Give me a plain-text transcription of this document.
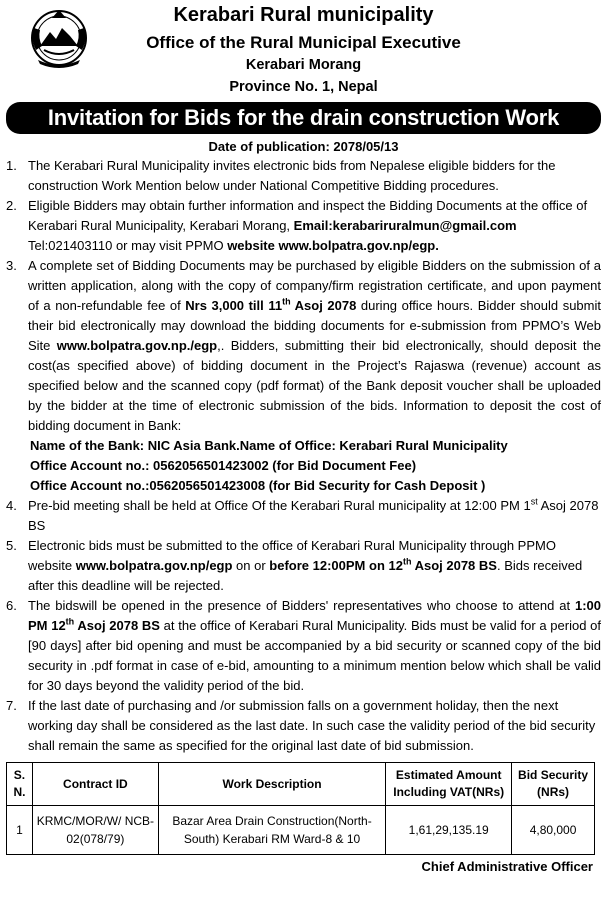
Kerabari Rural municipality
Office of the Rural Municipal Executive
Kerabari Morang
Province No. 1, Nepal
Invitation for Bids for the drain construction Work
Date of publication: 2078/05/13

1. The Kerabari Rural Municipality invites electronic bids from Nepalese eligible bidders for the construction Work Mention below under National Competitive Bidding procedures.

2. Eligible Bidders may obtain further information and inspect the Bidding Documents at the office of Kerabari Rural Municipality, Kerabari Morang, Email:kerabariruralmun@gmail.com
Tel:021403110 or may visit PPMO website www.bolpatra.gov.np/egp.

3. A complete set of Bidding Documents may be purchased by eligible Bidders on the submission of a written application, along with the copy of company/firm registration certificate, and upon payment of a non-refundable fee of Nrs 3,000 till 11th Asoj 2078 during office hours. Bidder should submit their bid electronically may download the bidding documents for e-submission from PPMO’s Web Site www.bolpatra.gov.np./egp,. Bidders, submitting their bid electronically, should deposit the cost(as specified above) of bidding document in the Project’s Rajaswa (revenue) account as specified below and the scanned copy (pdf format) of the Bank deposit voucher shall be uploaded by the bidder at the time of electronic submission of the bids. Information to deposit the cost of bidding document in Bank:

Name of the Bank: NIC Asia Bank.Name of Office: Kerabari Rural Municipality
Office Account no.: 0562056501423002 (for Bid Document Fee)
Office Account no.:0562056501423008 (for Bid Security for Cash Deposit )

4. Pre-bid meeting shall be held at Office Of the Kerabari Rural municipality at 12:00 PM 1st Asoj 2078 BS

5. Electronic bids must be submitted to the office of Kerabari Rural Municipality through PPMO website www.bolpatra.gov.np/egp on or before 12:00PM on 12th Asoj 2078 BS. Bids received after this deadline will be rejected.

6. The bidswill be opened in the presence of Bidders' representatives who choose to attend at 1:00 PM 12th Asoj 2078 BS at the office of Kerabari Rural Municipality. Bids must be valid for a period of [90 days] after bid opening and must be accompanied by a bid security or scanned copy of the bid security in .pdf format in case of e-bid, amounting to a minimum mention below which shall be valid for 30 days beyond the validity period of the bid.

7. If the last date of purchasing and /or submission falls on a government holiday, then the next working day shall be considered as the last date. In such case the validity period of the bid security shall remain the same as specified for the original last date of bid submission.

S. N.	Contract ID	Work Description	Estimated Amount Including VAT(NRs)	Bid Security (NRs)
1	KRMC/MOR/W/ NCB-02(078/79)	Bazar Area Drain Construction(North-South) Kerabari RM Ward-8 & 10	1,61,29,135.19	4,80,000
Chief Administrative Officer
